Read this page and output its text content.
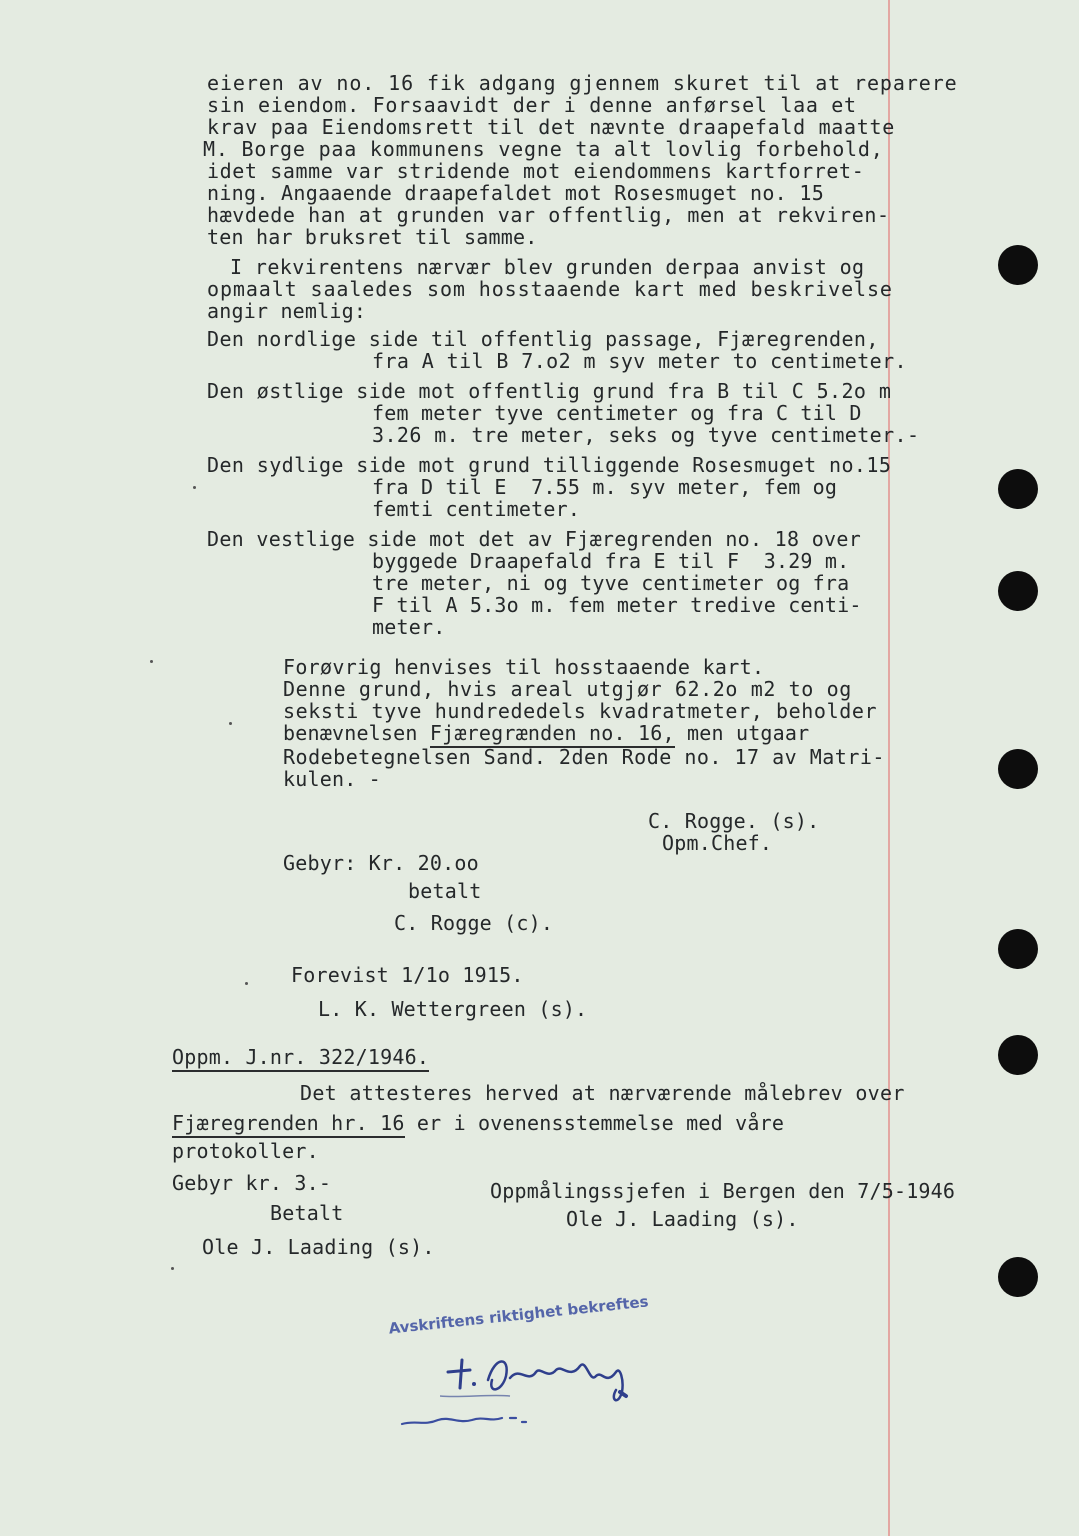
eieren av no. 16 fik adgang gjennem skuret til at reparere
sin eiendom. Forsaavidt der i denne anførsel laa et
krav paa Eiendomsrett til det nævnte draapefald maatte
M. Borge paa kommunens vegne ta alt lovlig forbehold,
idet samme var stridende mot eiendommens kartforret-
ning. Angaaende draapefaldet mot Rosesmuget no. 15
hævdede han at grunden var offentlig, men at rekviren-
ten har bruksret til samme.
I rekvirentens nærvær blev grunden derpaa anvist og
opmaalt saaledes som hosstaaende kart med beskrivelse
angir nemlig:
Den nordlige side til offentlig passage, Fjæregrenden,
fra A til B 7.o2 m syv meter to centimeter.
Den østlige side mot offentlig grund fra B til C 5.2o m
fem meter tyve centimeter og fra C til D
3.26 m. tre meter, seks og tyve centimeter.-
Den sydlige side mot grund tilliggende Rosesmuget no.15
fra D til E  7.55 m. syv meter, fem og
femti centimeter.
Den vestlige side mot det av Fjæregrenden no. 18 over
byggede Draapefald fra E til F  3.29 m.
tre meter, ni og tyve centimeter og fra
F til A 5.3o m. fem meter tredive centi-
meter.
Forøvrig henvises til hosstaaende kart.
Denne grund, hvis areal utgjør 62.2o m2 to og
seksti tyve hundrededels kvadratmeter, beholder
benævnelsen Fjæregrænden no. 16, men utgaar
Rodebetegnelsen Sand. 2den Rode no. 17 av Matri-
kulen. -
C. Rogge. (s).
Opm.Chef.
Gebyr: Kr. 20.oo
betalt
C. Rogge (c).
Forevist 1/1o 1915.
L. K. Wettergreen (s).
Oppm. J.nr. 322/1946.
Det attesteres herved at nærværende målebrev over
Fjæregrenden hr. 16 er i ovenensstemmelse med våre
protokoller.
Gebyr kr. 3.-	Oppmålingssjefen i Bergen den 7/5-1946
Betalt	Ole J. Laading (s).
Ole J. Laading (s).
Avskriftens riktighet bekreftes
